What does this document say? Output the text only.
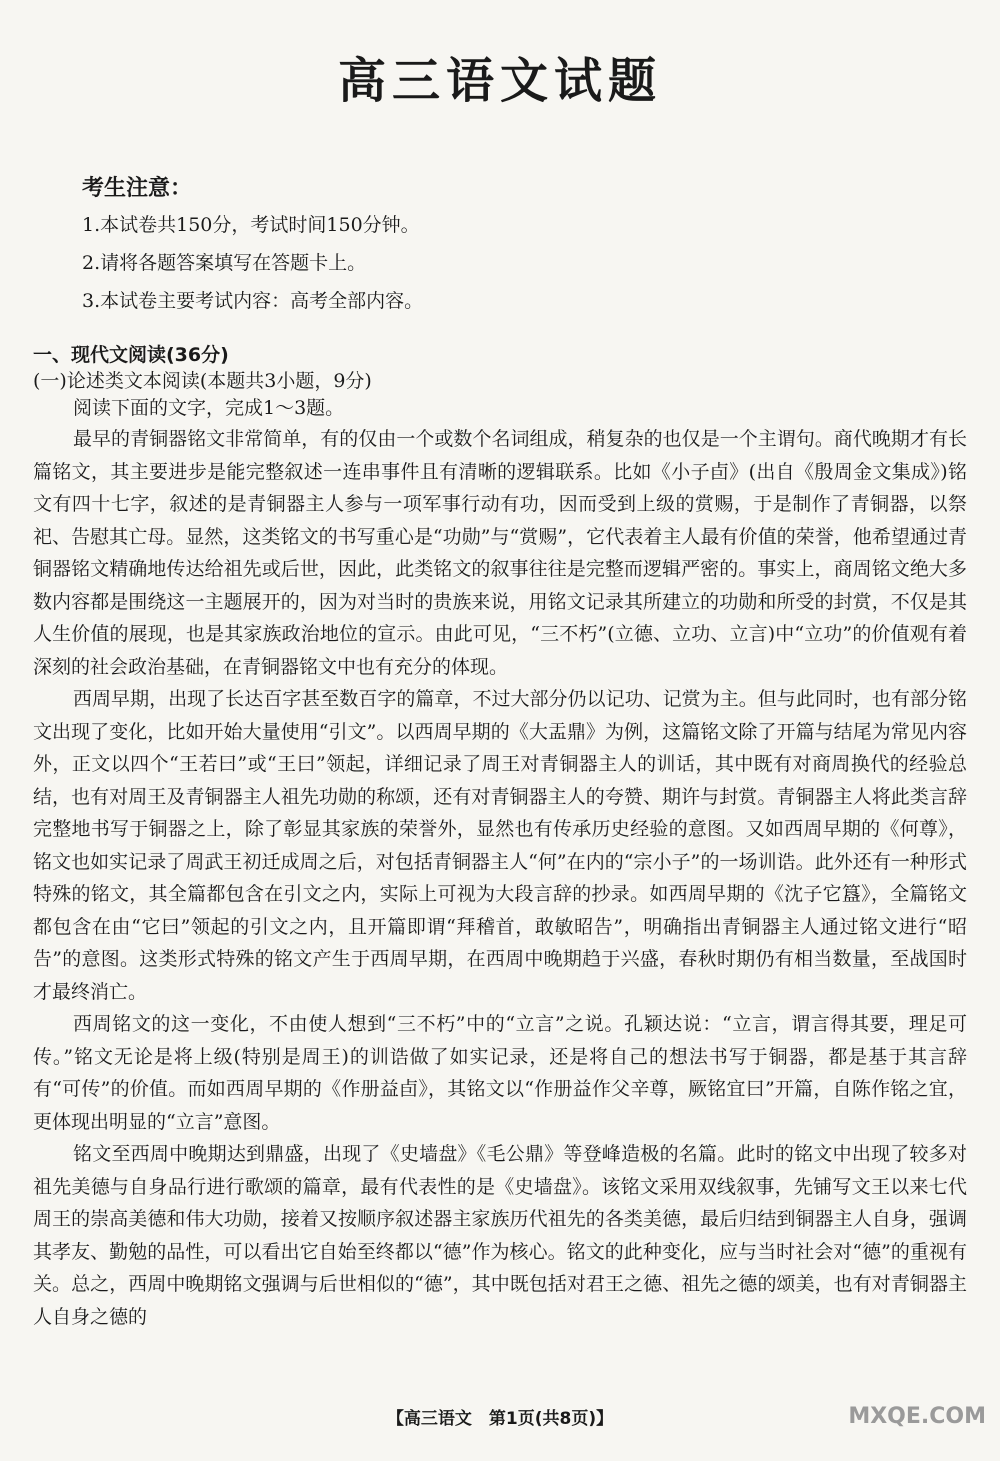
高三语文试题
考生注意：
1.本试卷共150分，考试时间150分钟。
2.请将各题答案填写在答题卡上。
3.本试卷主要考试内容：高考全部内容。
一、现代文阅读(36分)
(一)论述类文本阅读(本题共3小题，9分)
阅读下面的文字，完成1～3题。

最早的青铜器铭文非常简单，有的仅由一个或数个名词组成，稍复杂的也仅是一个主谓句。商代晚期才有长篇铭文，其主要进步是能完整叙述一连串事件且有清晰的逻辑联系。比如《小子卣》(出自《殷周金文集成》)铭文有四十七字，叙述的是青铜器主人参与一项军事行动有功，因而受到上级的赏赐，于是制作了青铜器，以祭祀、告慰其亡母。显然，这类铭文的书写重心是“功勋”与“赏赐”，它代表着主人最有价值的荣誉，他希望通过青铜器铭文精确地传达给祖先或后世，因此，此类铭文的叙事往往是完整而逻辑严密的。事实上，商周铭文绝大多数内容都是围绕这一主题展开的，因为对当时的贵族来说，用铭文记录其所建立的功勋和所受的封赏，不仅是其人生价值的展现，也是其家族政治地位的宣示。由此可见，“三不朽”(立德、立功、立言)中“立功”的价值观有着深刻的社会政治基础，在青铜器铭文中也有充分的体现。

西周早期，出现了长达百字甚至数百字的篇章，不过大部分仍以记功、记赏为主。但与此同时，也有部分铭文出现了变化，比如开始大量使用“引文”。以西周早期的《大盂鼎》为例，这篇铭文除了开篇与结尾为常见内容外，正文以四个“王若曰”或“王曰”领起，详细记录了周王对青铜器主人的训话，其中既有对商周换代的经验总结，也有对周王及青铜器主人祖先功勋的称颂，还有对青铜器主人的夸赞、期许与封赏。青铜器主人将此类言辞完整地书写于铜器之上，除了彰显其家族的荣誉外，显然也有传承历史经验的意图。又如西周早期的《何尊》，铭文也如实记录了周武王初迁成周之后，对包括青铜器主人“何”在内的“宗小子”的一场训诰。此外还有一种形式特殊的铭文，其全篇都包含在引文之内，实际上可视为大段言辞的抄录。如西周早期的《沈子它簋》，全篇铭文都包含在由“它曰”领起的引文之内，且开篇即谓“拜稽首，敢敏昭告”，明确指出青铜器主人通过铭文进行“昭告”的意图。这类形式特殊的铭文产生于西周早期，在西周中晚期趋于兴盛，春秋时期仍有相当数量，至战国时才最终消亡。

西周铭文的这一变化，不由使人想到“三不朽”中的“立言”之说。孔颖达说：“立言，谓言得其要，理足可传。”铭文无论是将上级(特别是周王)的训诰做了如实记录，还是将自己的想法书写于铜器，都是基于其言辞有“可传”的价值。而如西周早期的《作册益卣》，其铭文以“作册益作父辛尊，厥铭宜曰”开篇，自陈作铭之宜，更体现出明显的“立言”意图。

铭文至西周中晚期达到鼎盛，出现了《史墙盘》《毛公鼎》等登峰造极的名篇。此时的铭文中出现了较多对祖先美德与自身品行进行歌颂的篇章，最有代表性的是《史墙盘》。该铭文采用双线叙事，先铺写文王以来七代周王的崇高美德和伟大功勋，接着又按顺序叙述器主家族历代祖先的各类美德，最后归结到铜器主人自身，强调其孝友、勤勉的品性，可以看出它自始至终都以“德”作为核心。铭文的此种变化，应与当时社会对“德”的重视有关。总之，西周中晚期铭文强调与后世相似的“德”，其中既包括对君王之德、祖先之德的颂美，也有对青铜器主人自身之德的

【高三语文　第1页(共8页)】	MXQE.COM
